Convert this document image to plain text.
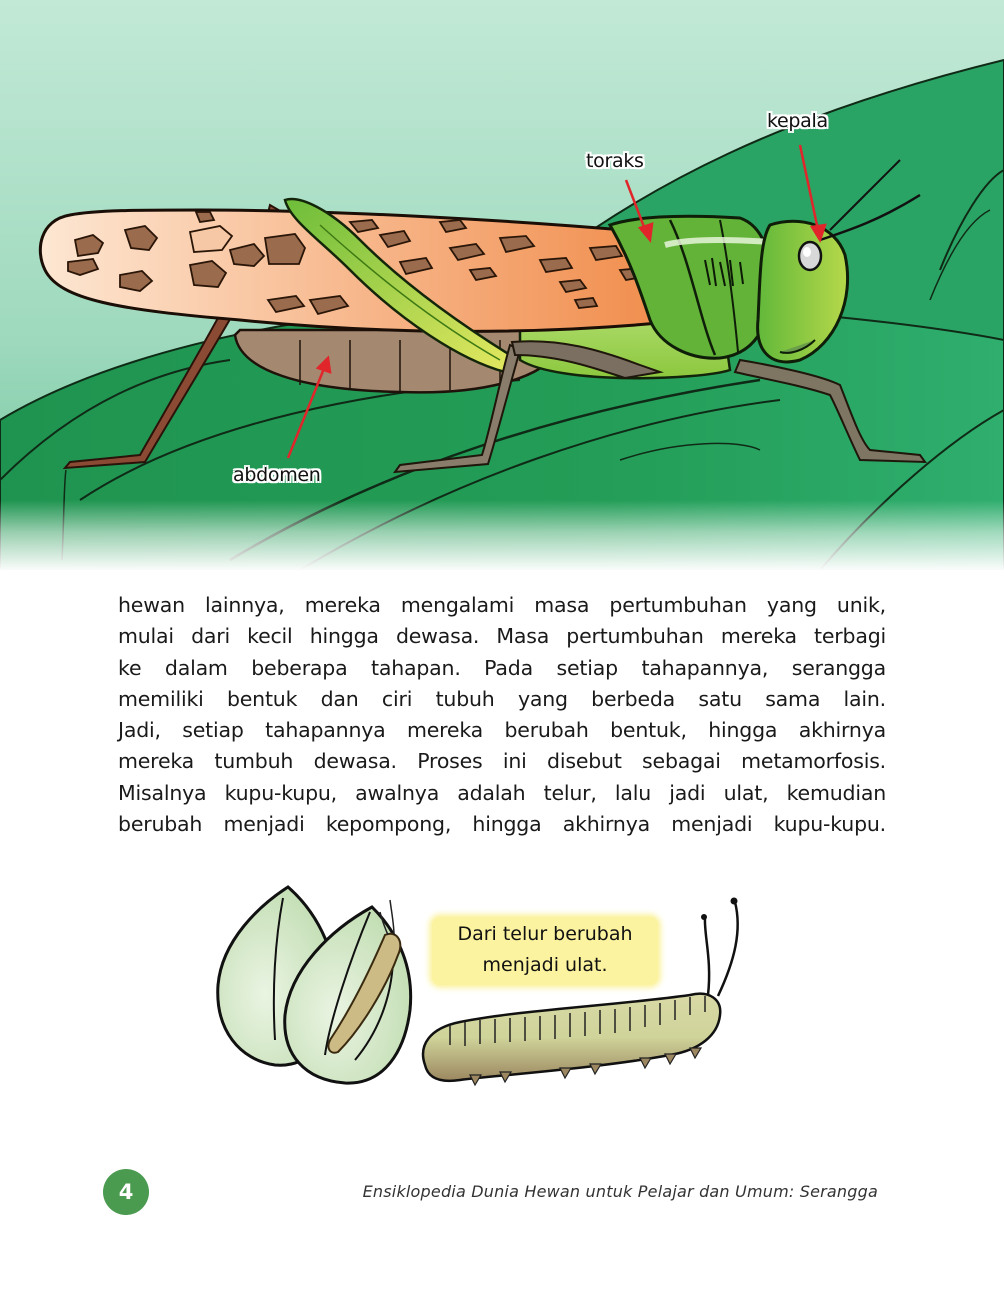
kepala
toraks
abdomen
hewan lainnya, mereka mengalami masa pertumbuhan yang unik,
mulai dari kecil hingga dewasa. Masa pertumbuhan mereka terbagi
ke dalam beberapa tahapan. Pada setiap tahapannya, serangga
memiliki bentuk dan ciri tubuh yang berbeda satu sama lain.
Jadi, setiap tahapannya mereka berubah bentuk, hingga akhirnya
mereka tumbuh dewasa. Proses ini disebut sebagai metamorfosis.
Misalnya kupu-kupu, awalnya adalah telur, lalu jadi ulat, kemudian
berubah menjadi kepompong, hingga akhirnya menjadi kupu-kupu.
Dari telur berubah
menjadi ulat.
4	Ensiklopedia Dunia Hewan untuk Pelajar dan Umum: Serangga
